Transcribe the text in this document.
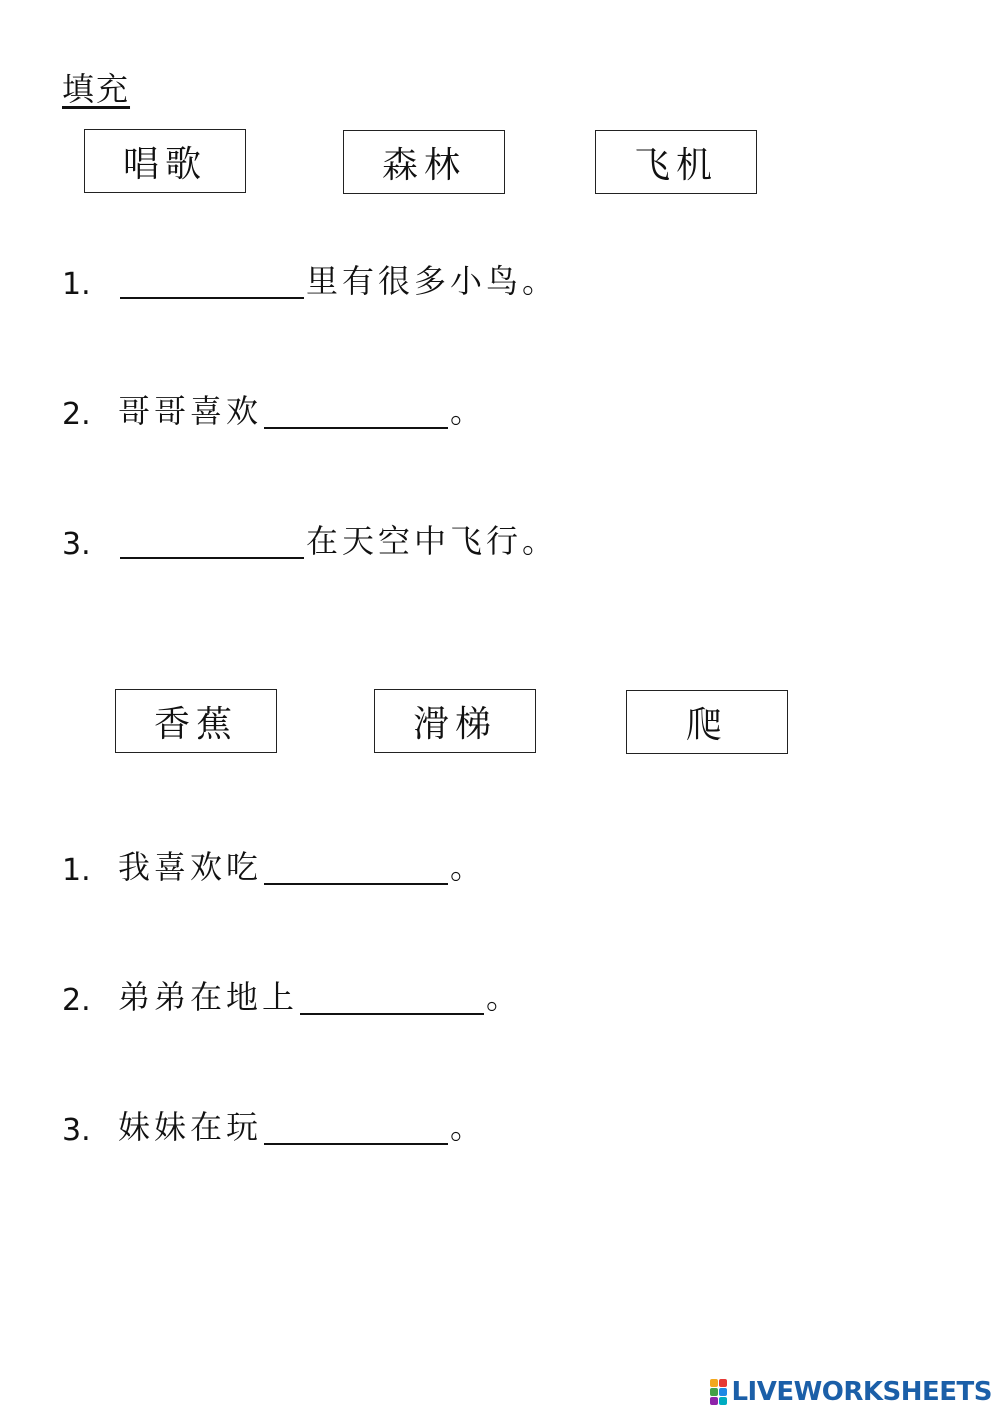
填充
唱歌	森林	飞机
1.	里有很多小鸟。
2. 哥哥喜欢	。
3.	在天空中飞行。
香蕉	滑梯	爬
1. 我喜欢吃	。
2. 弟弟在地上	。
3. 妹妹在玩	。
LIVEWORKSHEETS
